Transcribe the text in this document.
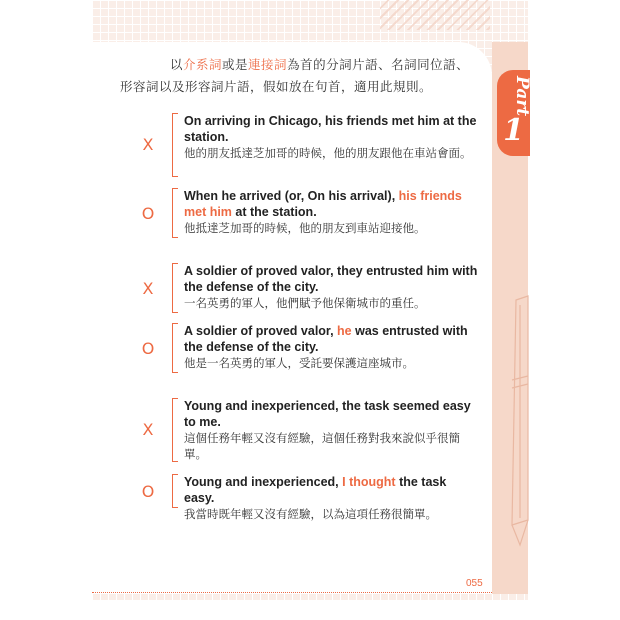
Part
1
以介系詞或是連接詞為首的分詞片語、名詞同位語、形容詞以及形容詞片語，假如放在句首，適用此規則。
X
On arriving in Chicago, his friends met him at the station.
他的朋友抵達芝加哥的時候，他的朋友跟他在車站會面。
O
When he arrived (or, On his arrival), his friends met him at the station.
他抵達芝加哥的時候，他的朋友到車站迎接他。
X
A soldier of proved valor, they entrusted him with the defense of the city.
一名英勇的軍人，他們賦予他保衛城市的重任。
O
A soldier of proved valor, he was entrusted with the defense of the city.
他是一名英勇的軍人，受託要保護這座城市。
X
Young and inexperienced, the task seemed easy to me.
這個任務年輕又沒有經驗，這個任務對我來說似乎很簡單。
O Young and inexperienced, I thought the task easy.
我當時既年輕又沒有經驗，以為這項任務很簡單。
055
